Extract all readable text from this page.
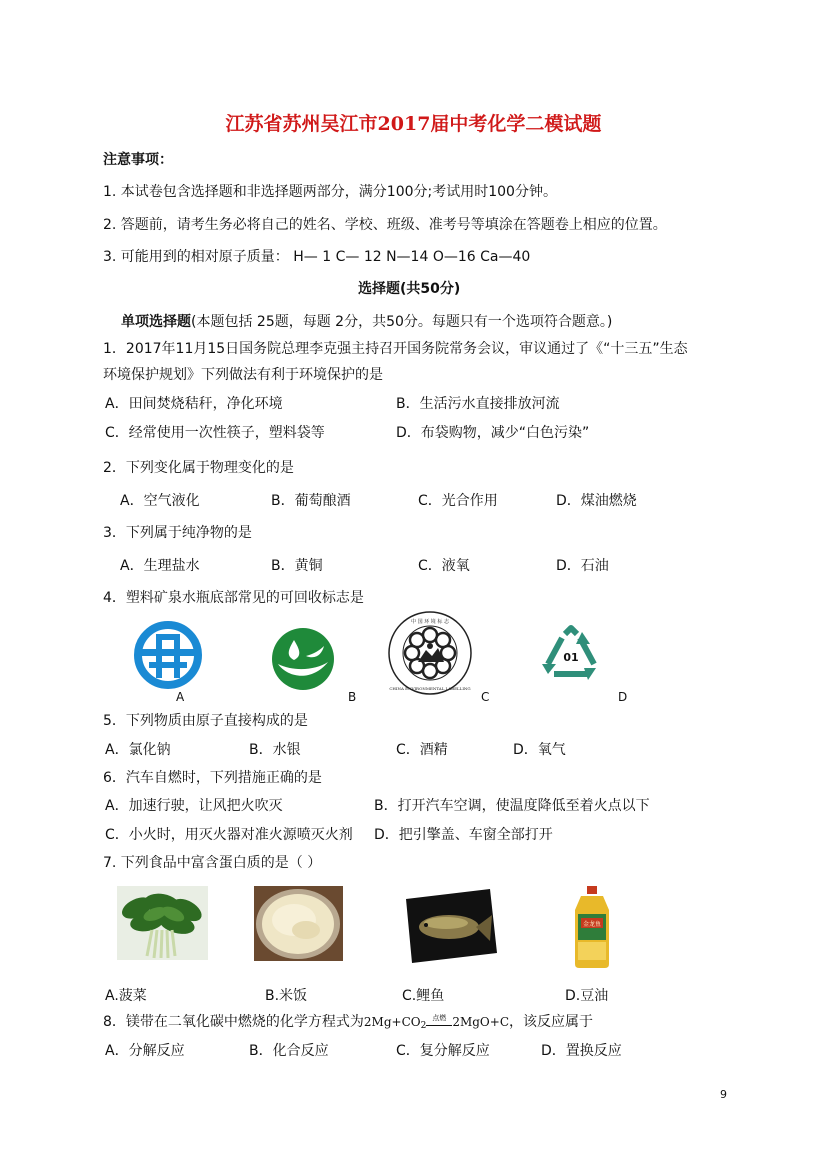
江苏省苏州吴江市2017届中考化学二模试题
注意事项：
1. 本试卷包含选择题和非选择题两部分，满分100分;考试用时100分钟。
2. 答题前，请考生务必将自己的姓名、学校、班级、准考号等填涂在答题卷上相应的位置。
3. 可能用到的相对原子质量： H— 1 C— 12 N—14 O—16 Ca—40
选择题(共50分)
单项选择题(本题包括 25题，每题 2分，共50分。每题只有一个选项符合题意。)
1．2017年11月15日国务院总理李克强主持召开国务院常务会议，审议通过了《“十三五”生态
环境保护规划》下列做法有利于环境保护的是
A．田间焚烧秸秆，净化环境	B．生活污水直接排放河流
C．经常使用一次性筷子，塑料袋等	D．布袋购物，减少“白色污染”
2．下列变化属于物理变化的是
A．空气液化	B．葡萄酿酒	C．光合作用	D．煤油燃烧
3．下列属于纯净物的是
A．生理盐水	B．黄铜	C．液氧	D．石油
4．塑料矿泉水瓶底部常见的可回收标志是
A	B
中 国 环 境 标 志
CHINA ENVIRONMENTAL LABELLING
C
01
D
5．下列物质由原子直接构成的是
A．氯化钠	B．水银	C．酒精	D．氧气
6．汽车自燃时，下列措施正确的是
A．加速行驶，让风把火吹灭	B．打开汽车空调，使温度降低至着火点以下
C．小火时，用灭火器对准火源喷灭火剂 D．把引擎盖、车窗全部打开
7. 下列食品中富含蛋白质的是（ ）
金龙鱼
A.菠菜	B.米饭	C.鲤鱼	D.豆油
8．镁带在二氧化碳中燃烧的化学方程式为$2Mg+CO_2$
点燃 2MgO+C，该反应属于
A．分解反应	B．化合反应	C．复分解反应	D．置换反应
9
